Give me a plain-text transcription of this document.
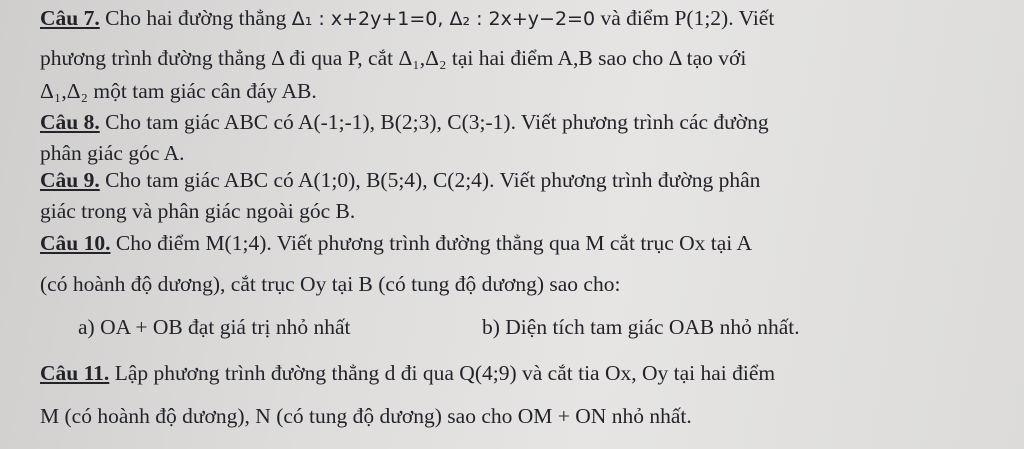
Câu 7. Cho hai đường thẳng Δ₁ : x+2y+1=0, Δ₂ : 2x+y−2=0 và điểm P(1;2). Viết
phương trình đường thẳng Δ đi qua P, cắt Δ₁,Δ₂ tại hai điểm A,B sao cho Δ tạo với
Δ₁,Δ₂ một tam giác cân đáy AB.
Câu 8. Cho tam giác ABC có A(-1;-1), B(2;3), C(3;-1). Viết phương trình các đường
phân giác góc A.
Câu 9. Cho tam giác ABC có A(1;0), B(5;4), C(2;4). Viết phương trình đường phân
giác trong và phân giác ngoài góc B.
Câu 10. Cho điểm M(1;4). Viết phương trình đường thẳng qua M cắt trục Ox tại A
(có hoành độ dương), cắt trục Oy tại B (có tung độ dương) sao cho:
a) OA + OB đạt giá trị nhỏ nhất	b) Diện tích tam giác OAB nhỏ nhất.
Câu 11. Lập phương trình đường thẳng d đi qua Q(4;9) và cắt tia Ox, Oy tại hai điểm
M (có hoành độ dương), N (có tung độ dương) sao cho OM + ON nhỏ nhất.
